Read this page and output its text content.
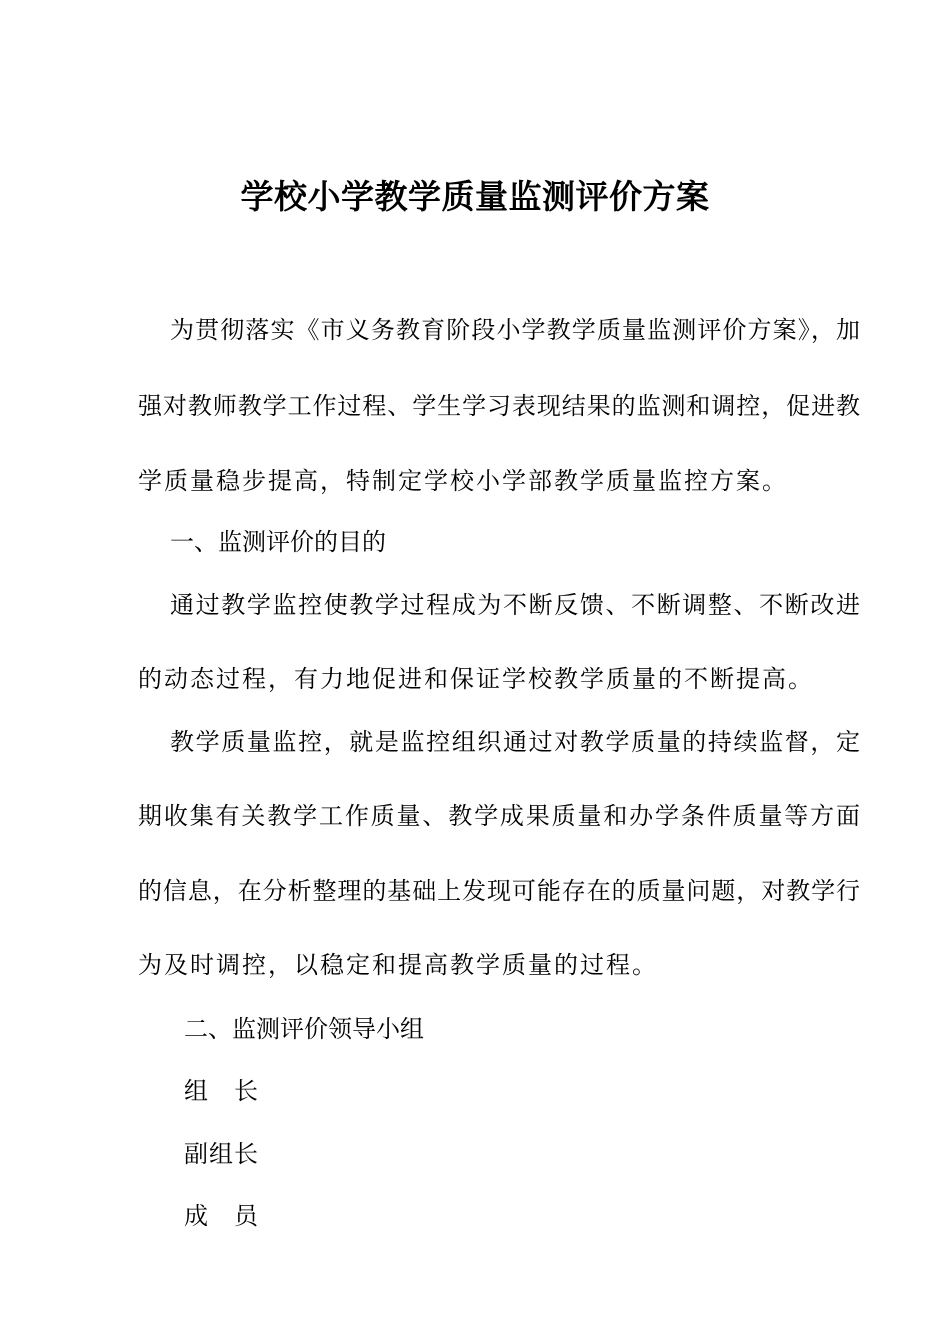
学校小学教学质量监测评价方案
为贯彻落实《市义务教育阶段小学教学质量监测评价方案》，加
强对教师教学工作过程、学生学习表现结果的监测和调控，促进教
学质量稳步提高，特制定学校小学部教学质量监控方案。
一、监测评价的目的
通过教学监控使教学过程成为不断反馈、不断调整、不断改进
的动态过程，有力地促进和保证学校教学质量的不断提高。
教学质量监控，就是监控组织通过对教学质量的持续监督，定
期收集有关教学工作质量、教学成果质量和办学条件质量等方面
的信息，在分析整理的基础上发现可能存在的质量问题，对教学行
为及时调控，以稳定和提高教学质量的过程。
二、监测评价领导小组
组　长
副组长
成　员
